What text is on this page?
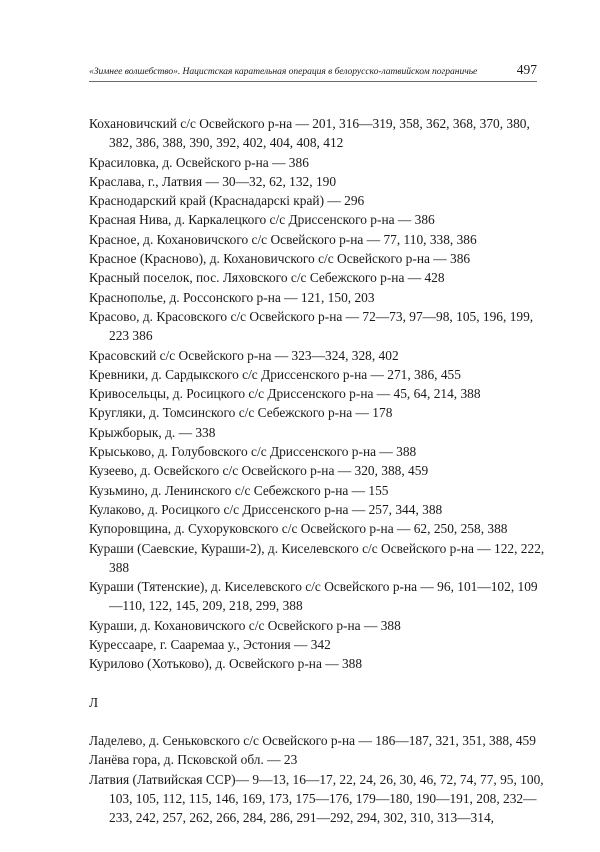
«Зимнее волшебство». Нацистская карательная операция в белорусско-латвийском пограничье	497

Кохановичский с/с Освейского р-на — 201, 316—319, 358, 362, 368, 370, 380, 382, 386, 388, 390, 392, 402, 404, 408, 412

Красиловка, д. Освейского р-на — 386

Краслава, г., Латвия — 30—32, 62, 132, 190

Краснодарский край (Краснадарскі край) — 296

Красная Нива, д. Каркалецкого с/с Дриссенского р-на — 386

Красное, д. Кохановичского с/с Освейского р-на — 77, 110, 338, 386

Красное (Красново), д. Кохановичского с/с Освейского р-на — 386

Красный поселок, пос. Ляховского с/с Себежского р-на — 428

Краснополье, д. Россонского р-на — 121, 150, 203

Красово, д. Красовского с/с Освейского р-на — 72—73, 97—98, 105, 196, 199, 223 386

Красовский с/с Освейского р-на — 323—324, 328, 402

Кревники, д. Сардыкского с/с Дриссенского р-на — 271, 386, 455

Кривосельцы, д. Росицкого с/с Дриссенского р-на — 45, 64, 214, 388

Кругляки, д. Томсинского с/с Себежского р-на — 178

Крыжборык, д. — 338

Крыськово, д. Голубовского с/с Дриссенского р-на — 388

Кузеево, д. Освейского с/с Освейского р-на — 320, 388, 459

Кузьмино, д. Ленинского с/с Себежского р-на — 155

Кулаково, д. Росицкого с/с Дриссенского р-на — 257, 344, 388

Купоровщина, д. Сухоруковского с/с Освейского р-на — 62, 250, 258, 388

Кураши (Саевские, Кураши-2), д. Киселевского с/с Освейского р-на — 122, 222, 388

Кураши (Тятенские), д. Киселевского с/с Освейского р-на — 96, 101—102, 109—110, 122, 145, 209, 218, 299, 388

Кураши, д. Кохановичского с/с Освейского р-на — 388

Курессааре, г. Сааремаа у., Эстония — 342

Курилово (Хотьково), д. Освейского р-на — 388

Л

Ладелево, д. Сеньковского с/с Освейского р-на — 186—187, 321, 351, 388, 459

Ланёва гора, д. Псковской обл. — 23

Латвия (Латвийская ССР)— 9—13, 16—17, 22, 24, 26, 30, 46, 72, 74, 77, 95, 100, 103, 105, 112, 115, 146, 169, 173, 175—176, 179—180, 190—191, 208, 232—233, 242, 257, 262, 266, 284, 286, 291—292, 294, 302, 310, 313—314,
